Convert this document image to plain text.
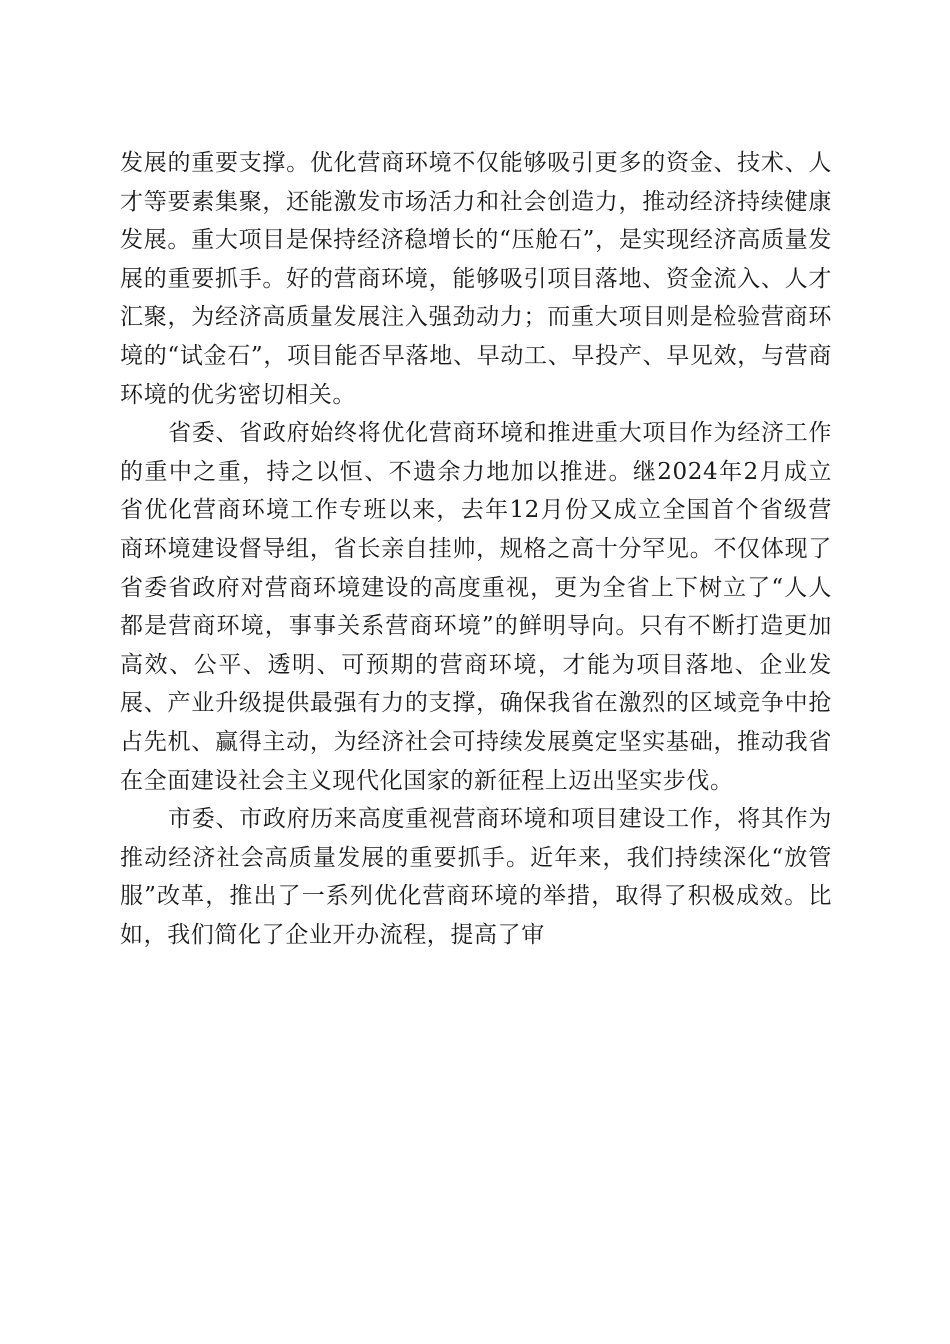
发展的重要支撑。优化营商环境不仅能够吸引更多的资金、技术、人才等要素集聚，还能激发市场活力和社会创造力，推动经济持续健康发展。重大项目是保持经济稳增长的“压舱石”，是实现经济高质量发展的重要抓手。好的营商环境，能够吸引项目落地、资金流入、人才汇聚，为经济高质量发展注入强劲动力；而重大项目则是检验营商环境的“试金石”，项目能否早落地、早动工、早投产、早见效，与营商环境的优劣密切相关。

省委、省政府始终将优化营商环境和推进重大项目作为经济工作的重中之重，持之以恒、不遗余力地加以推进。继2024年2月成立省优化营商环境工作专班以来，去年12月份又成立全国首个省级营商环境建设督导组，省长亲自挂帅，规格之高十分罕见。不仅体现了省委省政府对营商环境建设的高度重视，更为全省上下树立了“人人都是营商环境，事事关系营商环境”的鲜明导向。只有不断打造更加高效、公平、透明、可预期的营商环境，才能为项目落地、企业发展、产业升级提供最强有力的支撑，确保我省在激烈的区域竞争中抢占先机、赢得主动，为经济社会可持续发展奠定坚实基础，推动我省在全面建设社会主义现代化国家的新征程上迈出坚实步伐。

市委、市政府历来高度重视营商环境和项目建设工作，将其作为推动经济社会高质量发展的重要抓手。近年来，我们持续深化“放管服”改革，推出了一系列优化营商环境的举措，取得了积极成效。比如，我们简化了企业开办流程，提高了审
